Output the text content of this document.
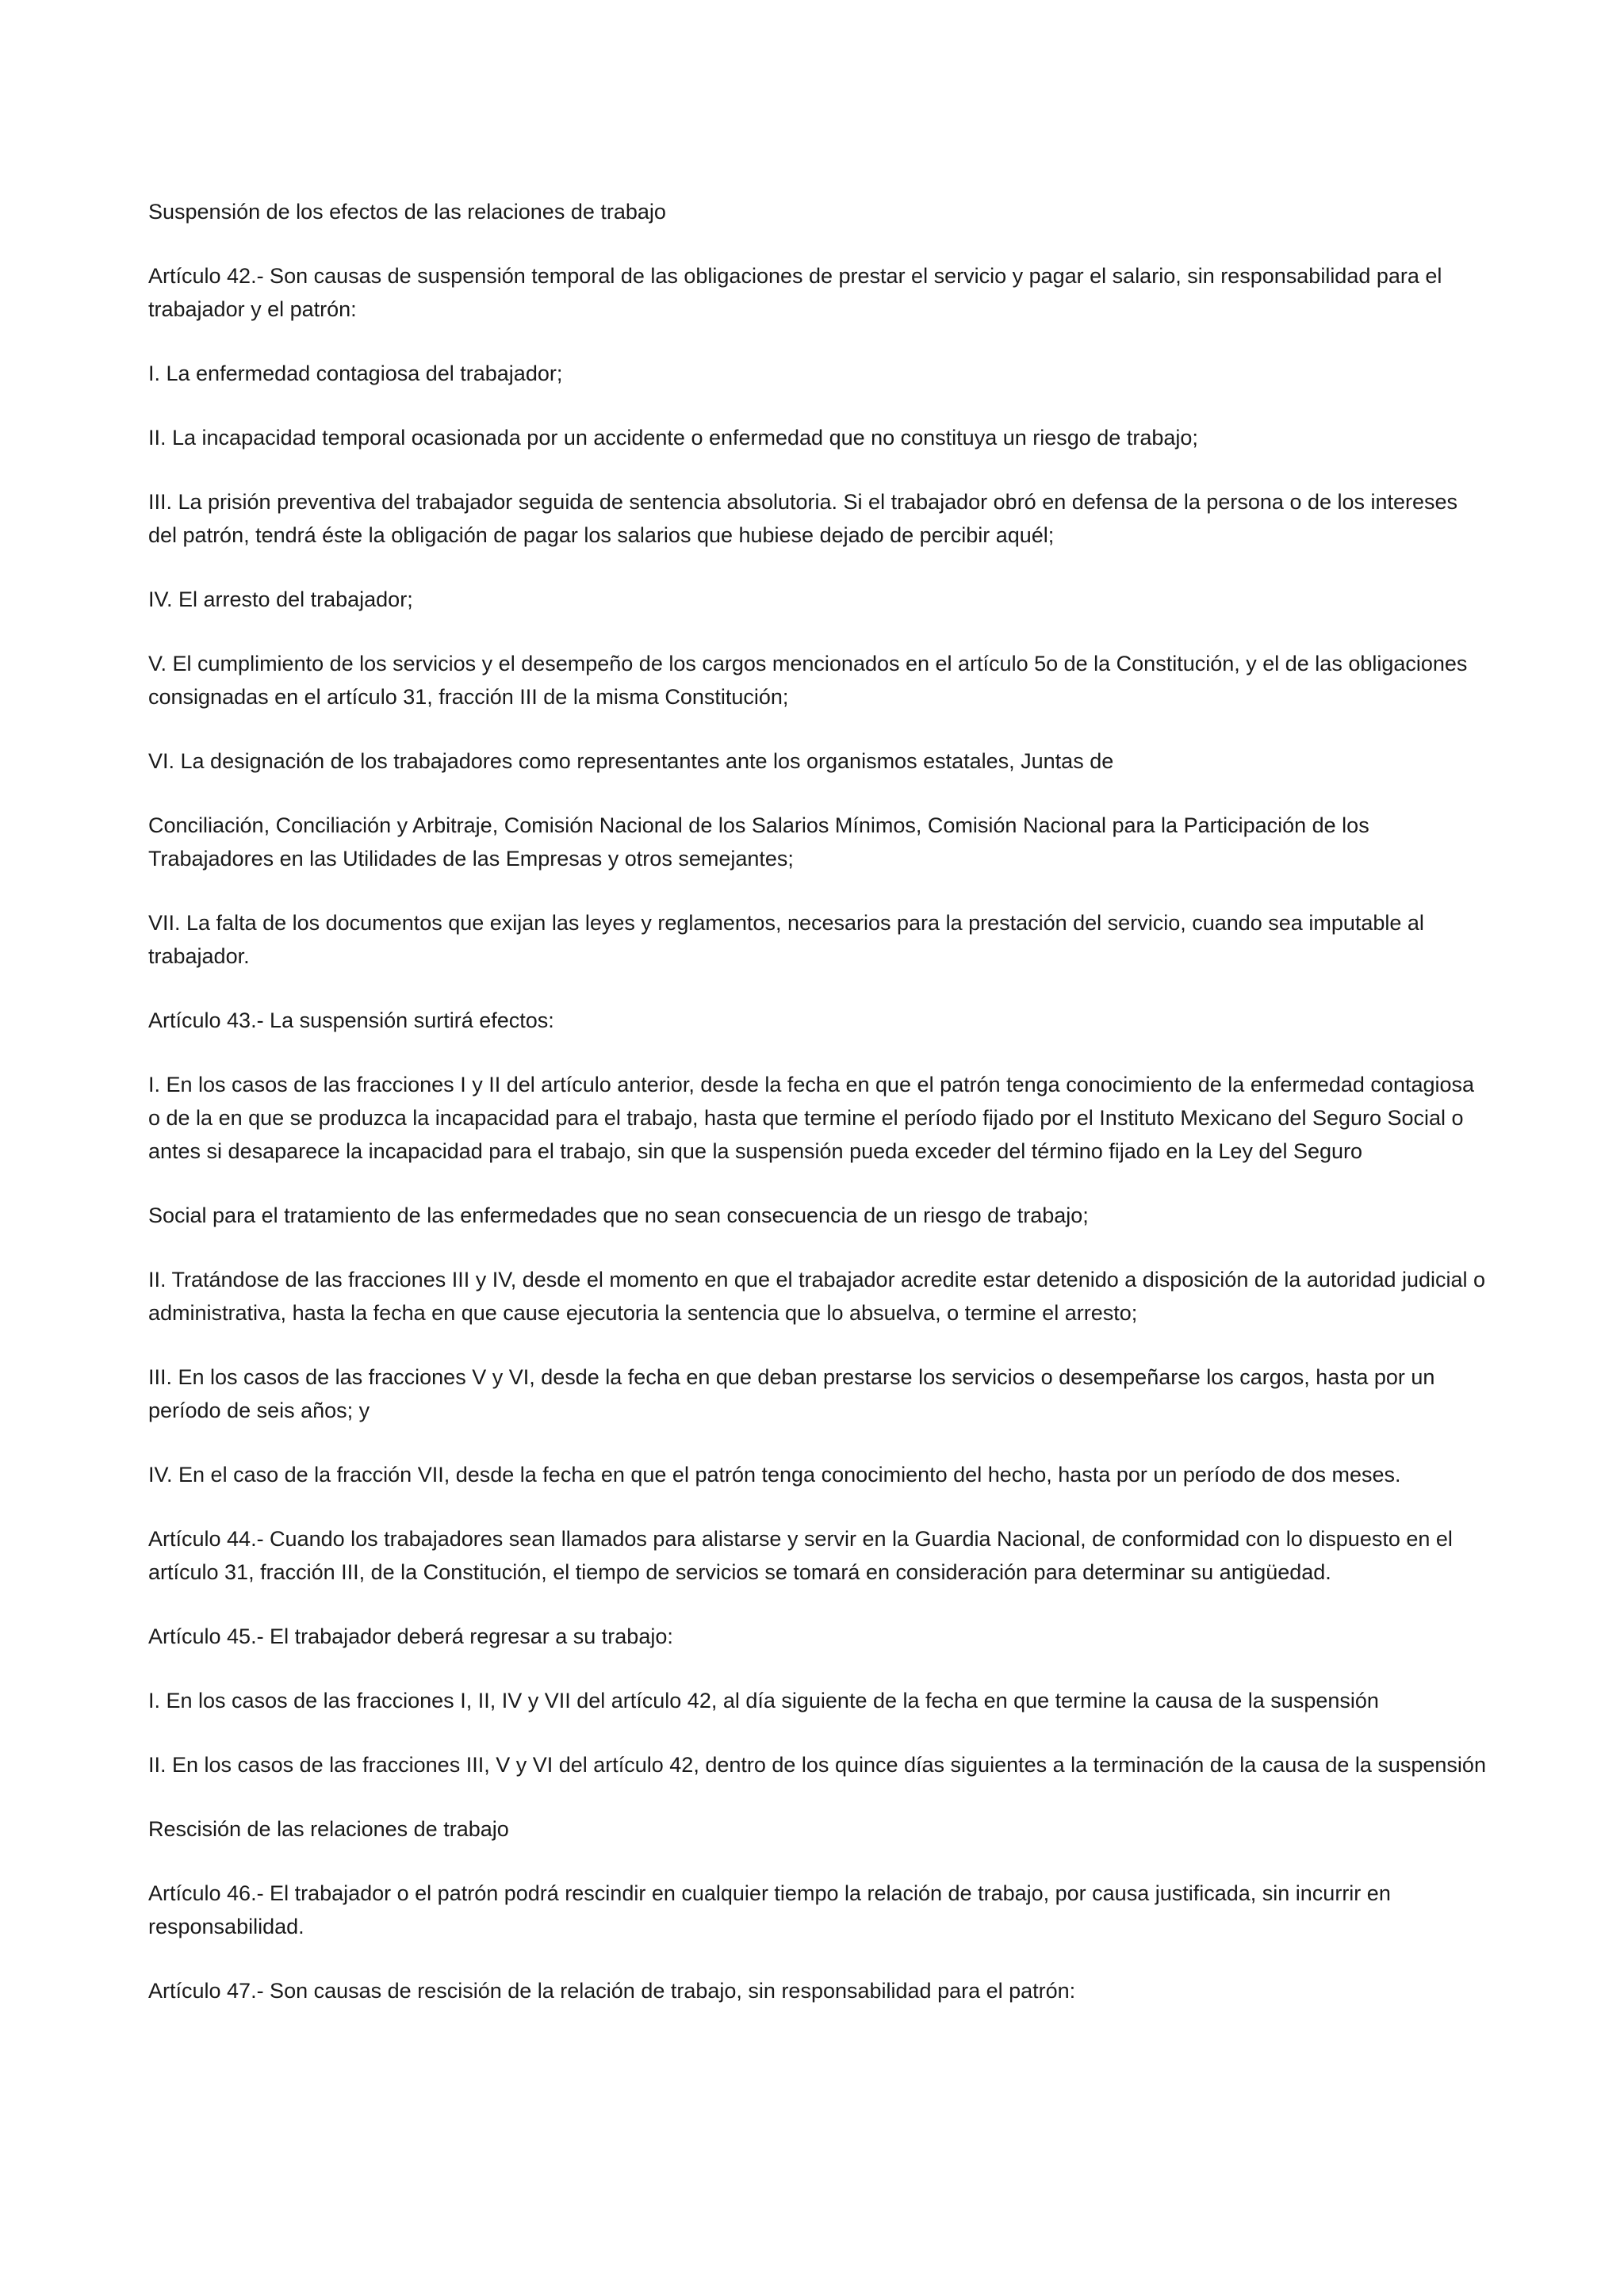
Suspensión de los efectos de las relaciones de trabajo

Artículo 42.- Son causas de suspensión temporal de las obligaciones de prestar el servicio y pagar el salario, sin responsabilidad para el trabajador y el patrón:

I. La enfermedad contagiosa del trabajador;

II. La incapacidad temporal ocasionada por un accidente o enfermedad que no constituya un riesgo de trabajo;

III. La prisión preventiva del trabajador seguida de sentencia absolutoria. Si el trabajador obró en defensa de la persona o de los intereses del patrón, tendrá éste la obligación de pagar los salarios que hubiese dejado de percibir aquél;

IV. El arresto del trabajador;

V. El cumplimiento de los servicios y el desempeño de los cargos mencionados en el artículo 5o de la Constitución, y el de las obligaciones consignadas en el artículo 31, fracción III de la misma Constitución;

VI. La designación de los trabajadores como representantes ante los organismos estatales, Juntas de

Conciliación, Conciliación y Arbitraje, Comisión Nacional de los Salarios Mínimos, Comisión Nacional para la Participación de los Trabajadores en las Utilidades de las Empresas y otros semejantes;

VII. La falta de los documentos que exijan las leyes y reglamentos, necesarios para la prestación del servicio, cuando sea imputable al trabajador.

Artículo 43.- La suspensión surtirá efectos:

I. En los casos de las fracciones I y II del artículo anterior, desde la fecha en que el patrón tenga conocimiento de la enfermedad contagiosa o de la en que se produzca la incapacidad para el trabajo, hasta que termine el período fijado por el Instituto Mexicano del Seguro Social o antes si desaparece la incapacidad para el trabajo, sin que la suspensión pueda exceder del término fijado en la Ley del Seguro

Social para el tratamiento de las enfermedades que no sean consecuencia de un riesgo de trabajo;

II. Tratándose de las fracciones III y IV, desde el momento en que el trabajador acredite estar detenido a disposición de la autoridad judicial o administrativa, hasta la fecha en que cause ejecutoria la sentencia que lo absuelva, o termine el arresto;

III. En los casos de las fracciones V y VI, desde la fecha en que deban prestarse los servicios o desempeñarse los cargos, hasta por un período de seis años; y

IV. En el caso de la fracción VII, desde la fecha en que el patrón tenga conocimiento del hecho, hasta por un período de dos meses.

Artículo 44.- Cuando los trabajadores sean llamados para alistarse y servir en la Guardia Nacional, de conformidad con lo dispuesto en el artículo 31, fracción III, de la Constitución, el tiempo de servicios se tomará en consideración para determinar su antigüedad.

Artículo 45.- El trabajador deberá regresar a su trabajo:

I. En los casos de las fracciones I, II, IV y VII del artículo 42, al día siguiente de la fecha en que termine la causa de la suspensión

II. En los casos de las fracciones III, V y VI del artículo 42, dentro de los quince días siguientes a la terminación de la causa de la suspensión

Rescisión de las relaciones de trabajo

Artículo 46.- El trabajador o el patrón podrá rescindir en cualquier tiempo la relación de trabajo, por causa justificada, sin incurrir en responsabilidad.

Artículo 47.- Son causas de rescisión de la relación de trabajo, sin responsabilidad para el patrón:
